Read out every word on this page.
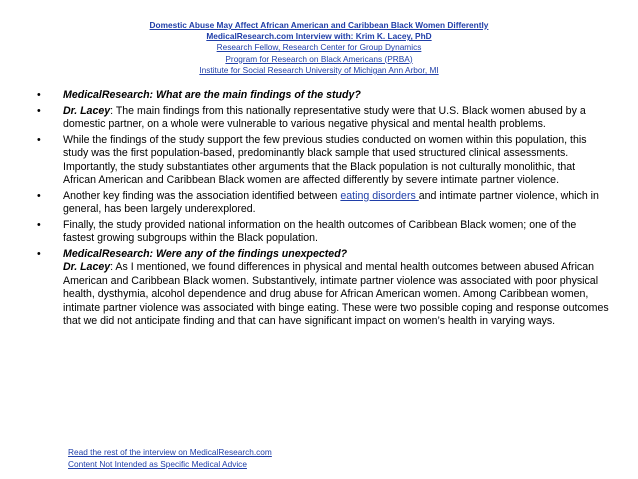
Domestic Abuse May Affect African American and Caribbean Black Women Differently
MedicalResearch.com Interview with: Krim K. Lacey, PhD
Research Fellow, Research Center for Group Dynamics
Program for Research on Black Americans (PRBA)
Institute for Social Research University of Michigan Ann Arbor, MI
• MedicalResearch: What are the main findings of the study?
• Dr. Lacey: The main findings from this nationally representative study were that U.S. Black women abused by a domestic partner, on a whole were vulnerable to various negative physical and mental health problems.
• While the findings of the study support the few previous studies conducted on women within this population, this study was the first population-based, predominantly black sample that used structured clinical assessments. Importantly, the study substantiates other arguments that the Black population is not culturally monolithic, that African American and Caribbean Black women are affected differently by severe intimate partner violence.
• Another key finding was the association identified between eating disorders and intimate partner violence, which in general, has been largely underexplored.
• Finally, the study provided national information on the health outcomes of Caribbean Black women; one of the fastest growing subgroups within the Black population.
• MedicalResearch: Were any of the findings unexpected?
Dr. Lacey: As I mentioned, we found differences in physical and mental health outcomes between abused African American and Caribbean Black women. Substantively, intimate partner violence was associated with poor physical health, dysthymia, alcohol dependence and drug abuse for African American women. Among Caribbean women, intimate partner violence was associated with binge eating. These were two possible coping and response outcomes that we did not anticipate finding and that can have significant impact on women’s health in varying ways.
Read the rest of the interview on MedicalResearch.com
Content Not Intended as Specific Medical Advice
